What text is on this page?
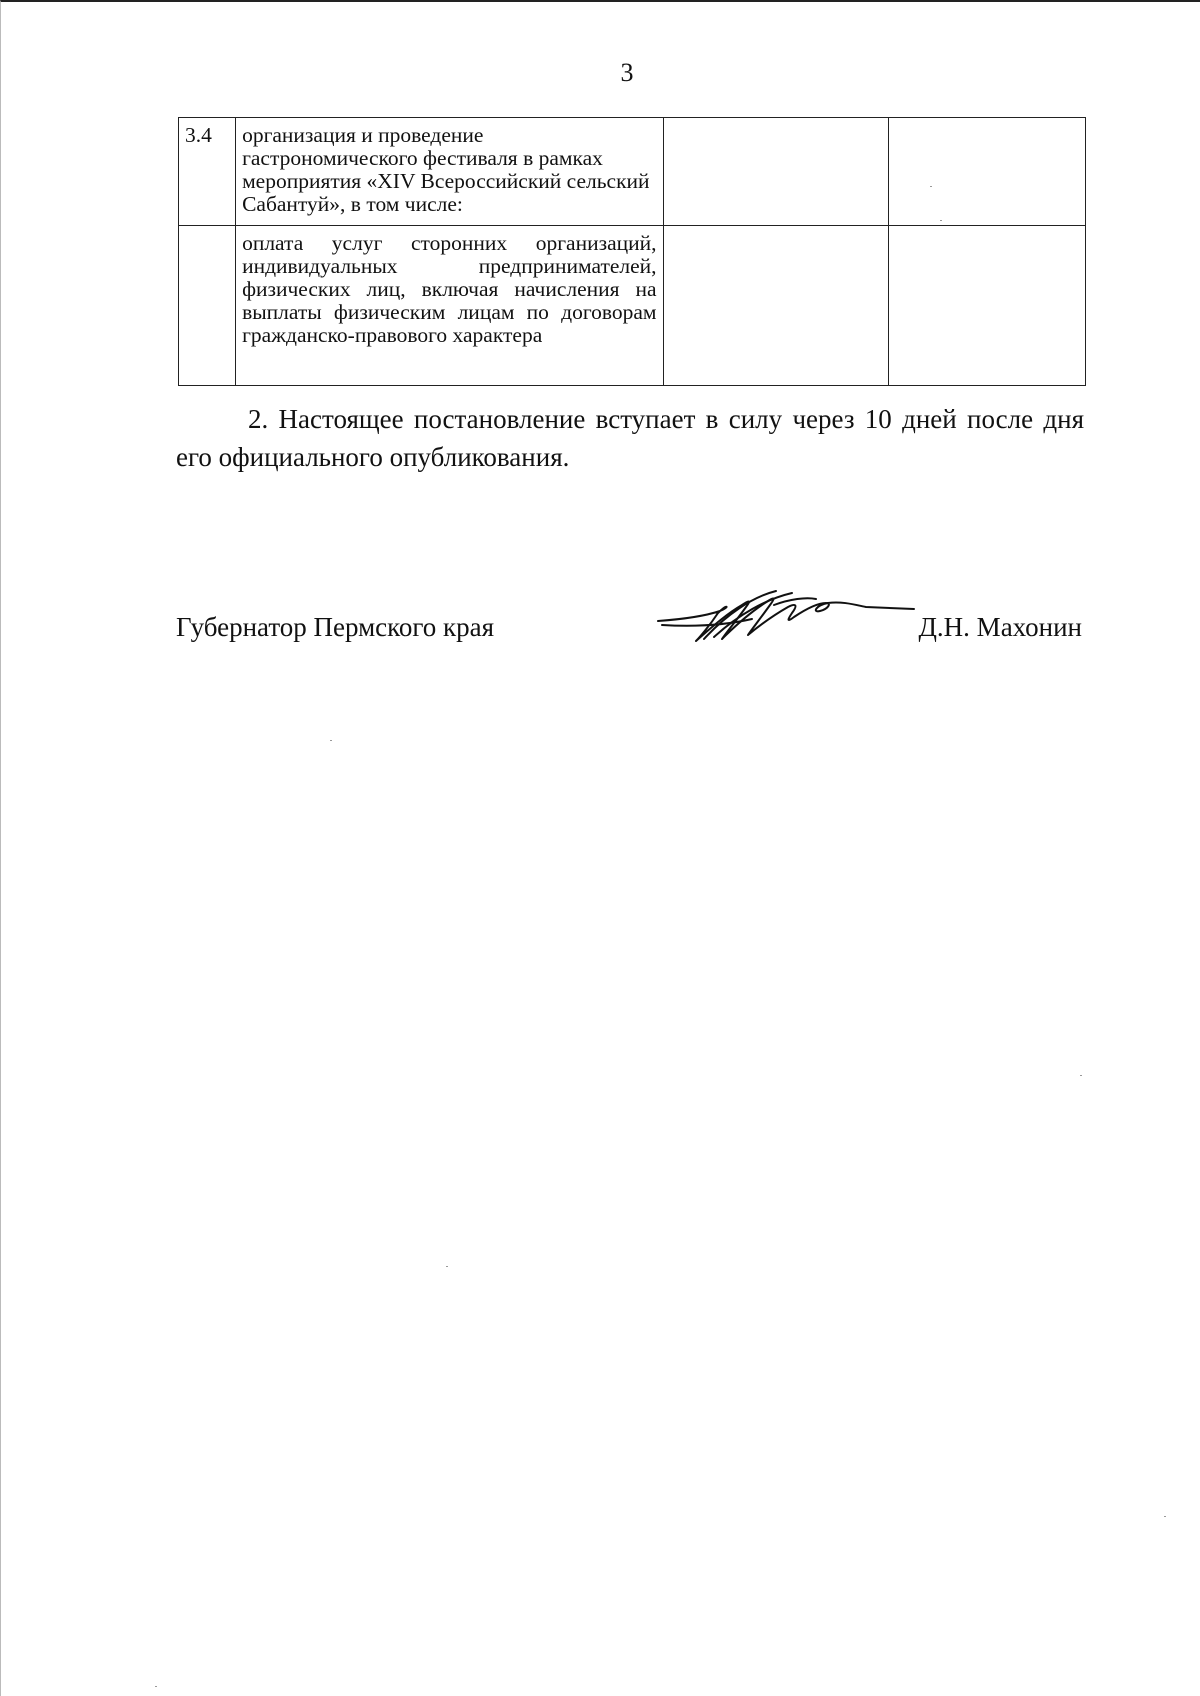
3
3.4	организация и проведение гастрономического фестиваля в рамках мероприятия «XIV Всероссийский сельский Сабантуй», в том числе:		
	оплата услуг сторонних организаций, индивидуальных предпринимателей, физических лиц, включая начисления на выплаты физическим лицам по договорам гражданско-правового характера		
2. Настоящее постановление вступает в силу через 10 дней после дня его официального опубликования.
Губернатор Пермского края	Д.Н. Махонин
